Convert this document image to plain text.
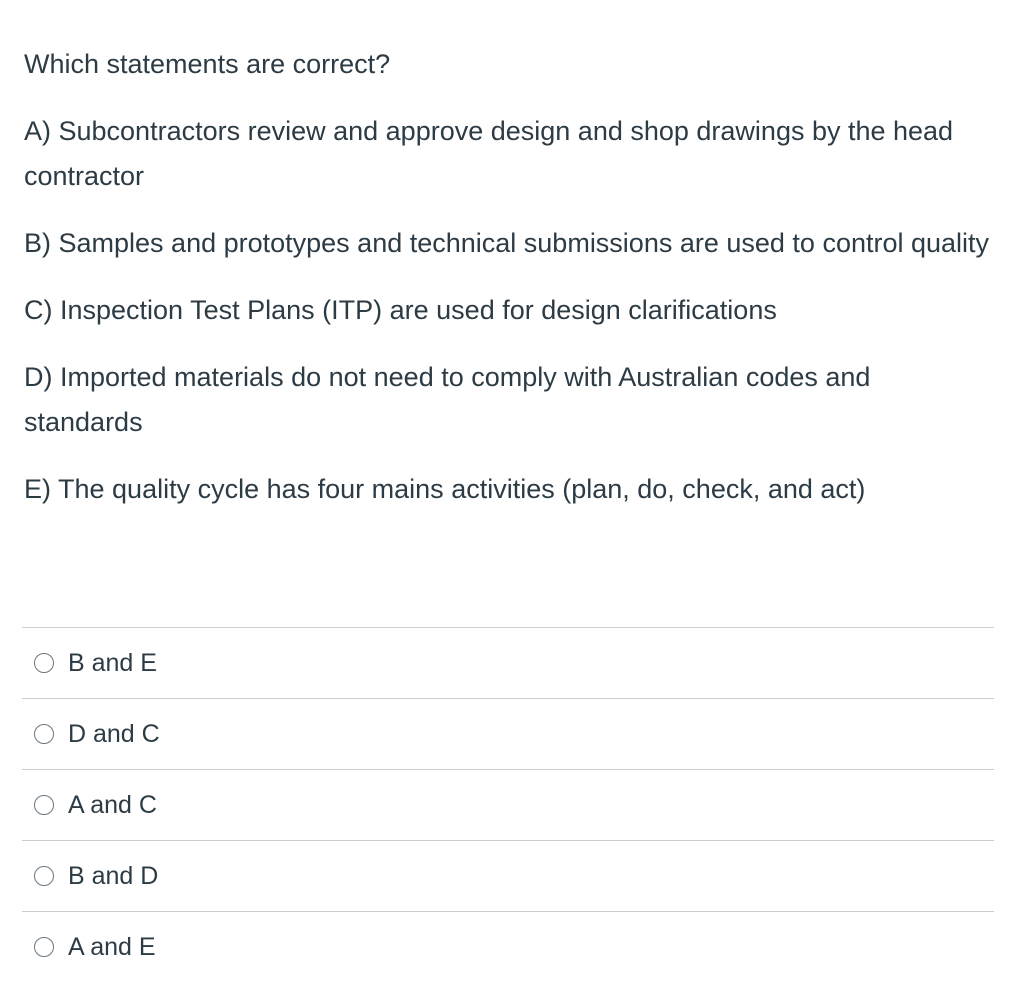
Which statements are correct?

A) Subcontractors review and approve design and shop drawings by the head contractor

B) Samples and prototypes and technical submissions are used to control quality

C) Inspection Test Plans (ITP) are used for design clarifications

D) Imported materials do not need to comply with Australian codes and standards

E) The quality cycle has four mains activities (plan, do, check, and act)

B and E
D and C
A and C
B and D
A and E
